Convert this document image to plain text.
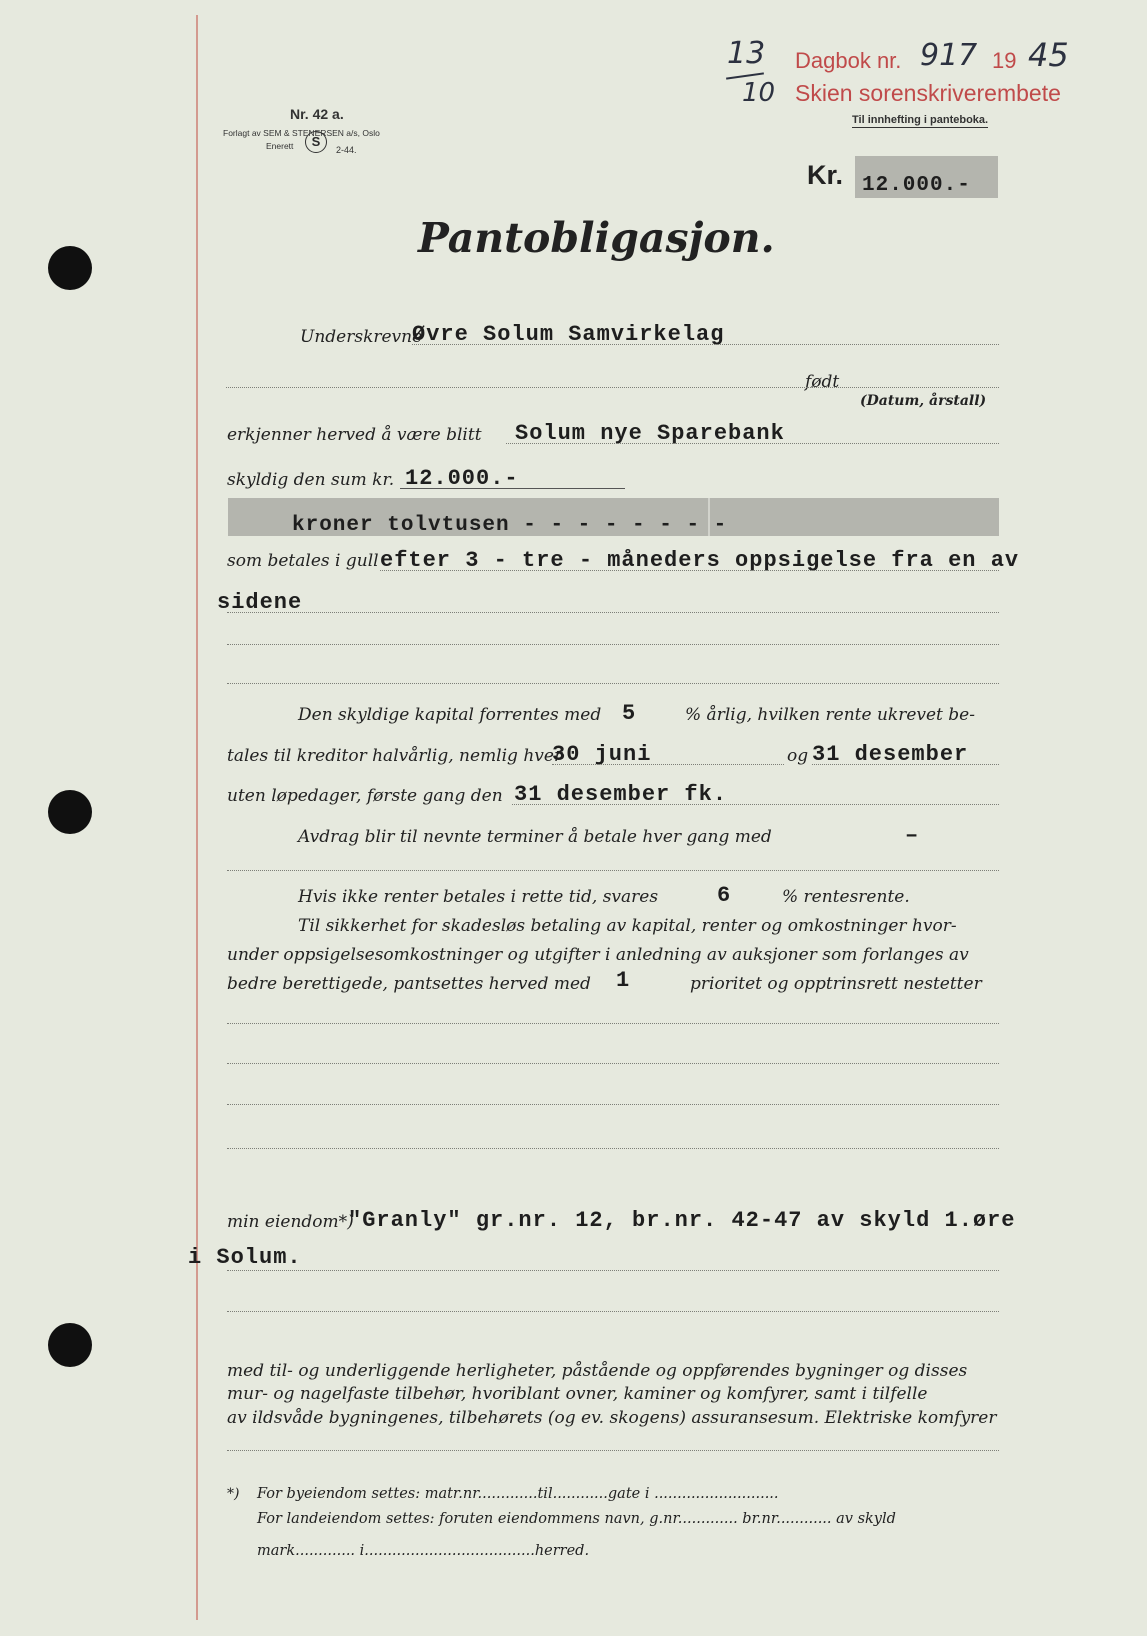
13
10
Dagbok nr. 917 19 45
Skien sorenskriverembete
Til innhefting i panteboka.
Nr. 42 a.
Forlagt av SEM & STENERSEN a/s, Oslo
Enerett	S
2-44.
Kr. 12.000.-
Pantobligasjon.
Underskrevne
Øvre Solum Samvirkelag
født
(Datum, årstall)
erkjenner herved å være blitt Solum nye Sparebank
skyldig den sum kr. 12.000.-
kroner tolvtusen - - - - - - - -
som betales i gull efter 3 - tre - måneders oppsigelse fra en av
sidene
Den skyldige kapital forrentes med 5	% årlig, hvilken rente ukrevet be-
tales til kreditor halvårlig, nemlig hver
30 juni	og 31 desember
uten løpedager, første gang den 31 desember fk.
Avdrag blir til nevnte terminer å betale hver gang med	–
Hvis ikke renter betales i rette tid, svares	6	% rentesrente.
Til sikkerhet for skadesløs betaling av kapital, renter og omkostninger hvor-
under oppsigelsesomkostninger og utgifter i anledning av auksjoner som forlanges av
bedre berettigede, pantsettes herved med 1	prioritet og opptrinsrett nestetter
min eiendom*)
"Granly" gr.nr. 12, br.nr. 42-47 av skyld 1.øre
i Solum.
med til- og underliggende herligheter, påstående og oppførendes bygninger og disses
mur- og nagelfaste tilbehør, hvoriblant ovner, kaminer og komfyrer, samt i tilfelle
av ildsvåde bygningenes, tilbehørets (og ev. skogens) assuransesum. Elektriske komfyrer
*) For byeiendom settes: matr.nr.............til............gate i ...........................
For landeiendom settes: foruten eiendommens navn, g.nr............. br.nr............ av skyld
mark............. i.....................................herred.
